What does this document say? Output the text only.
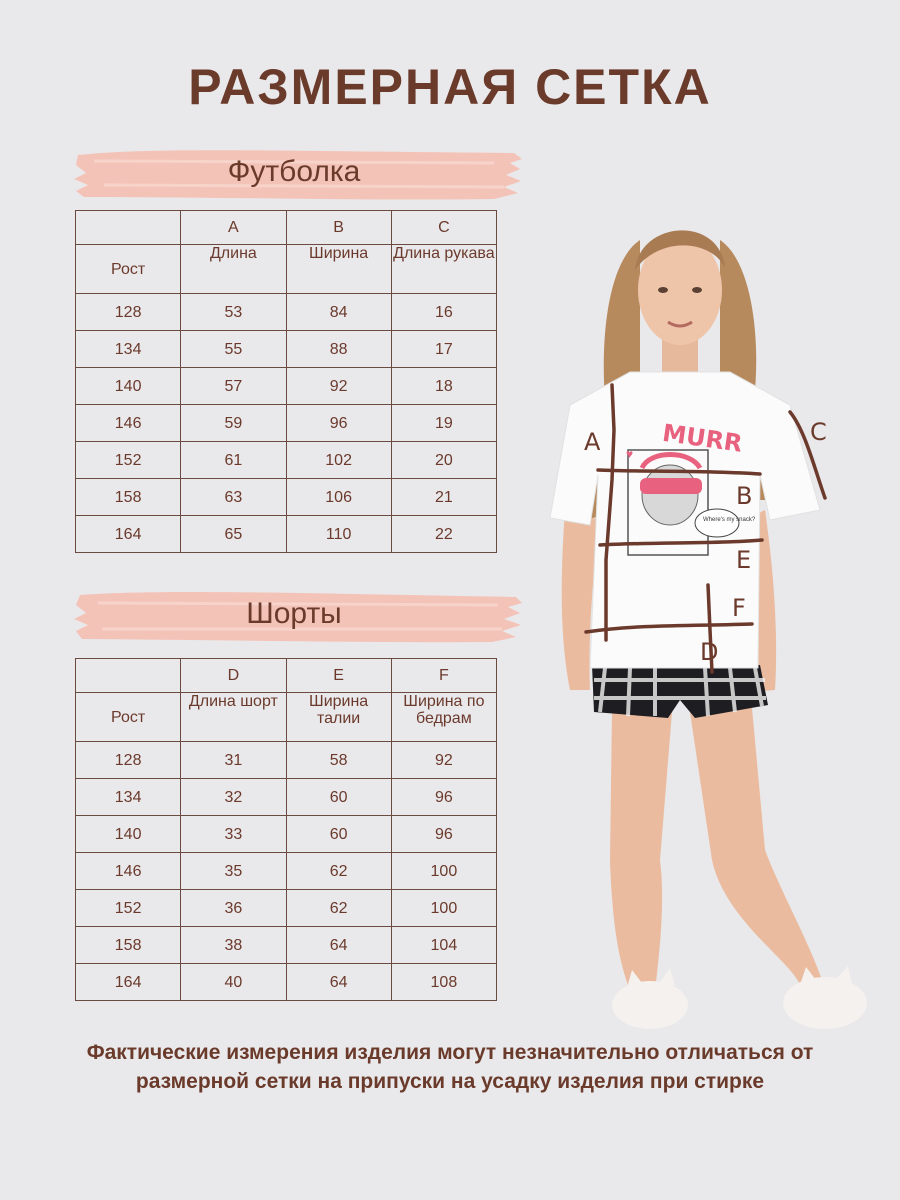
РАЗМЕРНАЯ СЕТКА
Футболка
	A	B	C
Рост	Длина	Ширина	Длина рукава
128	53	84	16
134	55	88	17
140	57	92	18
146	59	96	19
152	61	102	20
158	63	106	21
164	65	110	22
Шорты
	D	E	F
Рост	Длина шорт	Ширина талии	Ширина по бедрам
128	31	58	92
134	32	60	96
140	33	60	96
146	35	62	100
152	36	62	100
158	38	64	104
164	40	64	108
MURR
♥
Where's my snack?
A
B
C
D
E
F
Фактические измерения изделия могут незначительно отличаться от размерной сетки на припуски на усадку изделия при стирке
